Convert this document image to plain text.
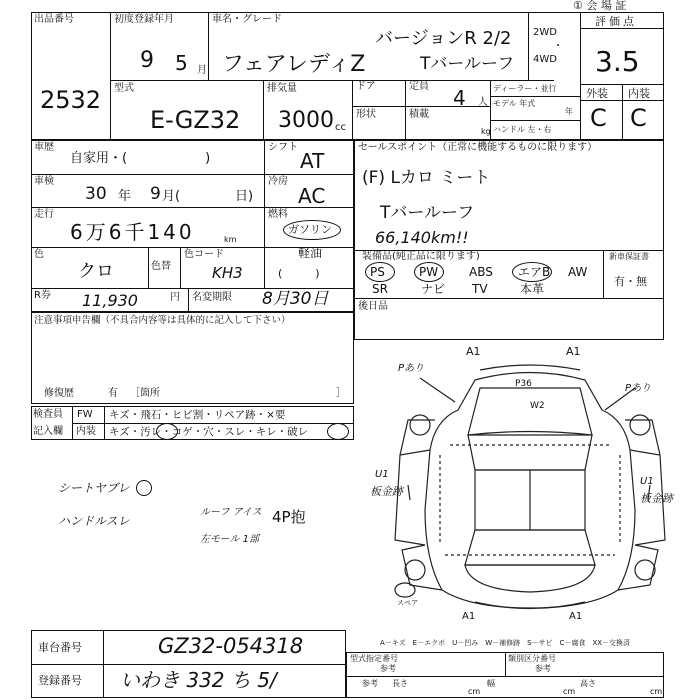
① 会 場 証
出品番号
2532
初度登録年月
9 5 月
車名・グレード
フェアレディZ
バージョンR 2/2
Tバールーフ
2WD
・
4WD
評価点
3.5
型式
E-GZ32
排気量
3000 cc
ドア	定員 4 人
形状	積載
kg
ディーラー・並行
モデル 年式
年
ハンドル 左・右
外装 内装
C C
車歴
自家用・(　　　　　　)
シフト
AT
車検
30 年 9 月(	日)
冷房
AC
走行
6万6千140	km
燃料
ガソリン
軽油
(　　　)
色
クロ	色替
色コード
KH3
R券 11,930	円 名変期限 8月30日
セールスポイント（正常に機能するものに限ります）
(F) Lカロ ミート
Tバールーフ
66,140km!!
装備品(純正品に限ります)	新車保証書
有・無
PS	PW	ABS エアB AW
SR	ナビ TV	本革
後日品
注意事項申告欄（不具合内容等は具体的に記入して下さい）
修復歴	有 ［箇所	］
検査員
記入欄
FW
内装
キズ・飛石・ヒビ割・リペア跡・×要
キズ・汚レ・コゲ・穴・スレ・キレ・破レ
シートヤブレ
ハンドルスレ
ルーフ アイス
左モール 1部
4P抱
Pあり
Pあり
A1	A1
P36
W2
U1
板金跡
U1
板金跡
スペア
A1	A1
A－キズ　E－エクボ　U－凹み　W－補修跡　S－サビ　C－腐食　XX－交換済
車台番号	GZ32-054318
登録番号 いわき 332 ち 5/
型式指定番号
参考
類別区分番号
参考
参考 長さ
cm
幅
cm
高さ
cm
